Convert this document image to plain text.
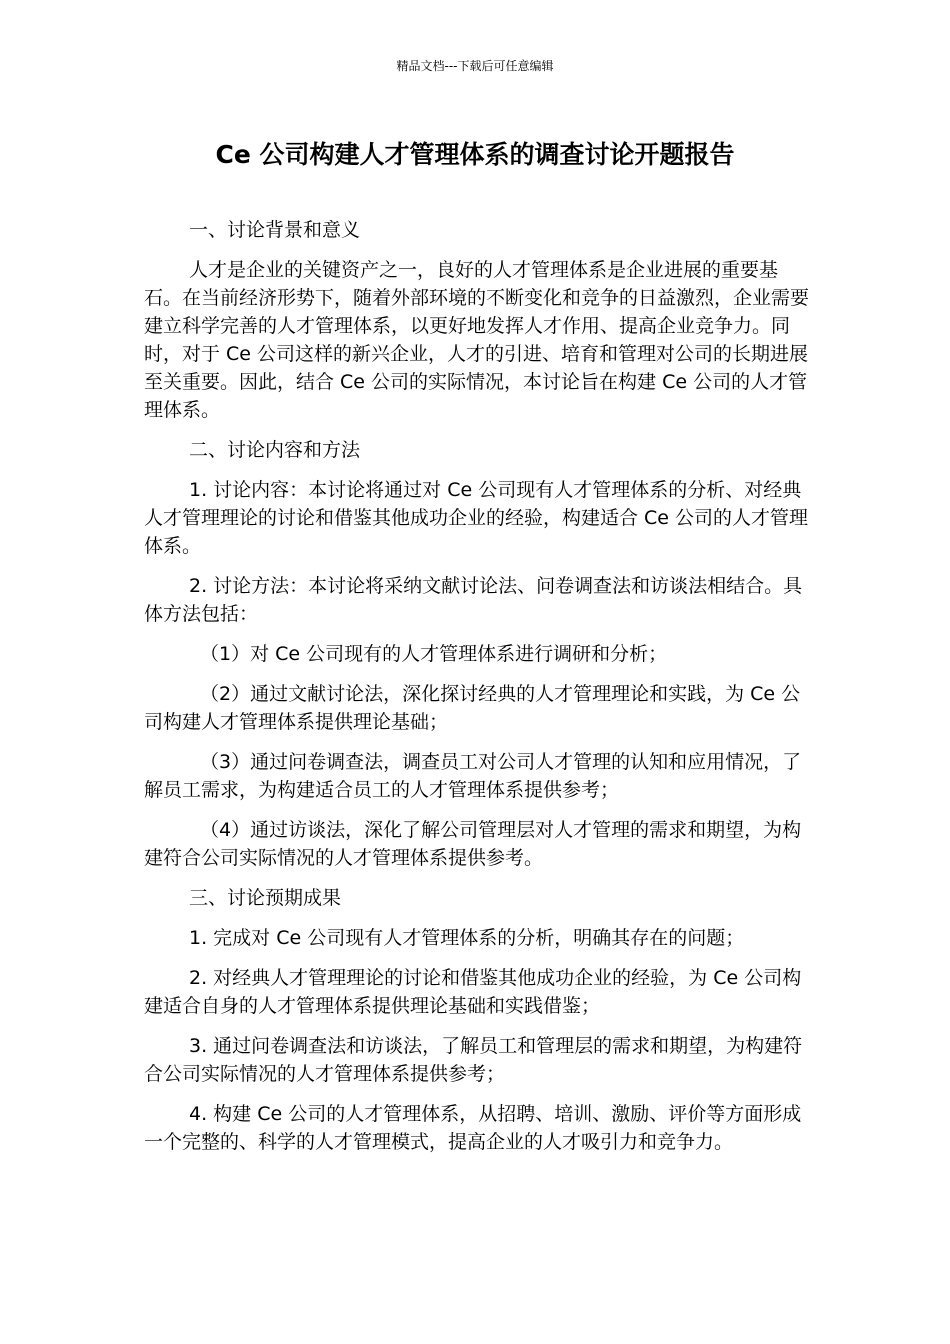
精品文档---下载后可任意编辑
Ce 公司构建人才管理体系的调查讨论开题报告

一、讨论背景和意义

人才是企业的关键资产之一，良好的人才管理体系是企业进展的重要基石。在当前经济形势下，随着外部环境的不断变化和竞争的日益激烈，企业需要建立科学完善的人才管理体系，以更好地发挥人才作用、提高企业竞争力。同时，对于 Ce 公司这样的新兴企业，人才的引进、培育和管理对公司的长期进展至关重要。因此，结合 Ce 公司的实际情况，本讨论旨在构建 Ce 公司的人才管理体系。

二、讨论内容和方法

1. 讨论内容：本讨论将通过对 Ce 公司现有人才管理体系的分析、对经典人才管理理论的讨论和借鉴其他成功企业的经验，构建适合 Ce 公司的人才管理体系。

2. 讨论方法：本讨论将采纳文献讨论法、问卷调查法和访谈法相结合。具体方法包括：

（1）对 Ce 公司现有的人才管理体系进行调研和分析；

（2）通过文献讨论法，深化探讨经典的人才管理理论和实践，为 Ce 公司构建人才管理体系提供理论基础；

（3）通过问卷调查法，调查员工对公司人才管理的认知和应用情况，了解员工需求，为构建适合员工的人才管理体系提供参考；

（4）通过访谈法，深化了解公司管理层对人才管理的需求和期望，为构建符合公司实际情况的人才管理体系提供参考。

三、讨论预期成果

1. 完成对 Ce 公司现有人才管理体系的分析，明确其存在的问题；

2. 对经典人才管理理论的讨论和借鉴其他成功企业的经验，为 Ce 公司构建适合自身的人才管理体系提供理论基础和实践借鉴；

3. 通过问卷调查法和访谈法，了解员工和管理层的需求和期望，为构建符合公司实际情况的人才管理体系提供参考；

4. 构建 Ce 公司的人才管理体系，从招聘、培训、激励、评价等方面形成一个完整的、科学的人才管理模式，提高企业的人才吸引力和竞争力。
